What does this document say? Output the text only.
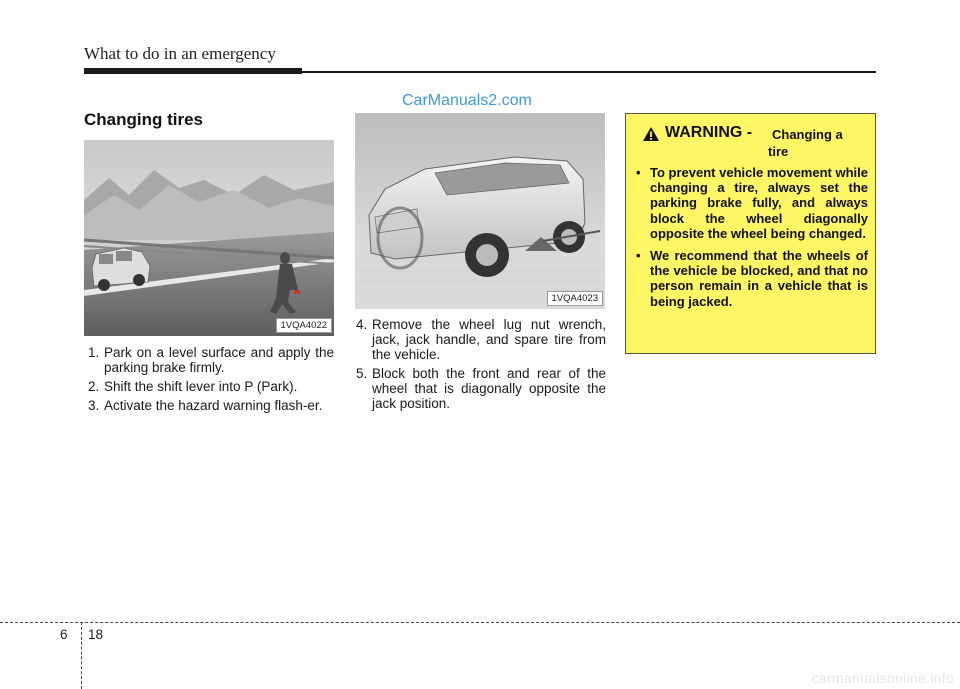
What to do in an emergency
CarManuals2.com
Changing tires
1VQA4022
1VQA4023
1. Park on a level surface and apply the parking brake firmly.
2. Shift the shift lever into P (Park).
3. Activate the hazard warning flash-er.
4. Remove the wheel lug nut wrench, jack, jack handle, and spare tire from the vehicle.
5. Block both the front and rear of the wheel that is diagonally opposite the jack position.
WARNING - Changing a
tire
• To prevent vehicle movement while changing a tire, always set the parking brake fully, and always block the wheel diagonally opposite the wheel being changed.
• We recommend that the wheels of the vehicle be blocked, and that no person remain in a vehicle that is being jacked.
6 18
carmanualsonline.info
